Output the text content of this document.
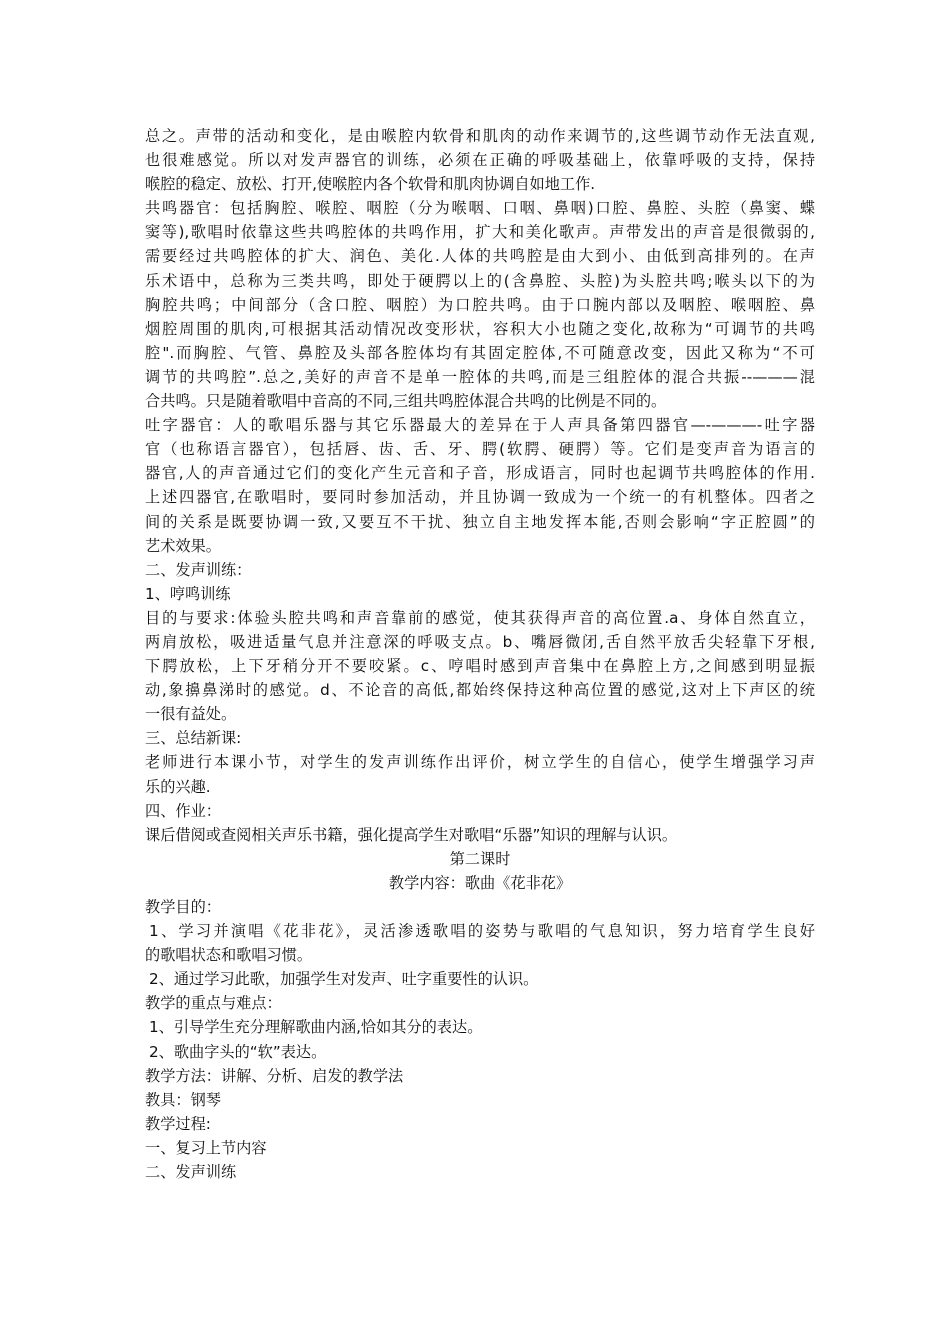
总之。声带的活动和变化，是由喉腔内软骨和肌肉的动作来调节的,这些调节动作无法直观,

也很难感觉。所以对发声器官的训练，必须在正确的呼吸基础上，依靠呼吸的支持，保持

喉腔的稳定、放松、打开,使喉腔内各个软骨和肌肉协调自如地工作.

共鸣器官：包括胸腔、喉腔、咽腔（分为喉咽、口咽、鼻咽)口腔、鼻腔、头腔（鼻窦、蝶

窦等),歌唱时依靠这些共鸣腔体的共鸣作用，扩大和美化歌声。声带发出的声音是很微弱的,

需要经过共鸣腔体的扩大、润色、美化.人体的共鸣腔是由大到小、由低到高排列的。在声

乐术语中，总称为三类共鸣，即处于硬腭以上的(含鼻腔、头腔)为头腔共鸣;喉头以下的为

胸腔共鸣；中间部分（含口腔、咽腔）为口腔共鸣。由于口腕内部以及咽腔、喉咽腔、鼻

烟腔周围的肌肉,可根据其活动情况改变形状，容积大小也随之变化,故称为“可调节的共鸣

腔".而胸腔、气管、鼻腔及头部各腔体均有其固定腔体,不可随意改变，因此又称为“不可

调节的共鸣腔”.总之,美好的声音不是单一腔体的共鸣,而是三组腔体的混合共振--———混

合共鸣。只是随着歌唱中音高的不同,三组共鸣腔体混合共鸣的比例是不同的。

吐字器官：人的歌唱乐器与其它乐器最大的差异在于人声具备第四器官—-———-吐字器

官（也称语言器官），包括唇、齿、舌、牙、腭(软腭、硬腭）等。它们是变声音为语言的

器官,人的声音通过它们的变化产生元音和子音，形成语言，同时也起调节共鸣腔体的作用.

上述四器官,在歌唱时，要同时参加活动，并且协调一致成为一个统一的有机整体。四者之

间的关系是既要协调一致,又要互不干扰、独立自主地发挥本能,否则会影响“字正腔圆”的

艺术效果。

二、发声训练：

1、哼鸣训练

目的与要求:体验头腔共鸣和声音靠前的感觉，使其获得声音的高位置.a、身体自然直立，

两肩放松，吸进适量气息并注意深的呼吸支点。b、嘴唇微闭,舌自然平放舌尖轻靠下牙根,

下腭放松，上下牙稍分开不要咬紧。c、哼唱时感到声音集中在鼻腔上方,之间感到明显振

动,象擤鼻涕时的感觉。d、不论音的高低,都始终保持这种高位置的感觉,这对上下声区的统

一很有益处。

三、总结新课:

老师进行本课小节，对学生的发声训练作出评价，树立学生的自信心，使学生增强学习声

乐的兴趣.

四、作业：

课后借阅或查阅相关声乐书籍，强化提高学生对歌唱“乐器”知识的理解与认识。

第二课时

教学内容：歌曲《花非花》

教学目的：

1、学习并演唱《花非花》，灵活渗透歌唱的姿势与歌唱的气息知识，努力培育学生良好

的歌唱状态和歌唱习惯。

2、通过学习此歌，加强学生对发声、吐字重要性的认识。

教学的重点与难点：

1、引导学生充分理解歌曲内涵,恰如其分的表达。

2、歌曲字头的“软”表达。

教学方法：讲解、分析、启发的教学法

教具：钢琴

教学过程:

一、复习上节内容

二、发声训练
